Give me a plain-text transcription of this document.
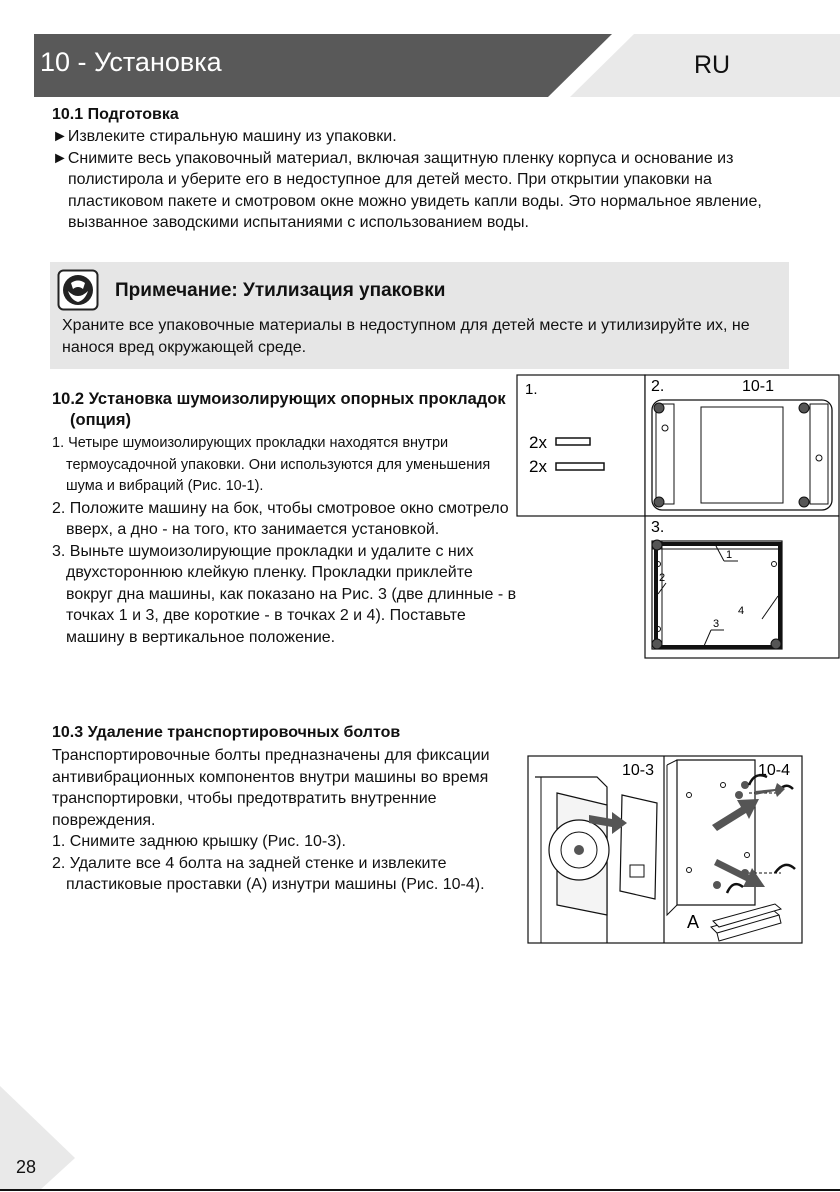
10 - Установка	RU
10.1 Подготовка
►Извлеките стиральную машину из упаковки.
►Снимите весь упаковочный материал, включая защитную пленку корпуса и основание из полистирола и уберите его в недоступное для детей место. При открытии упаковки на пластиковом пакете и смотровом окне можно увидеть капли воды. Это нормальное явление, вызванное заводскими испытаниями с использованием воды.
Примечание: Утилизация упаковки
Храните все упаковочные материалы в недоступном для детей месте и утилизируйте их, не нанося вред окружающей среде.
10.2 Установка шумоизолирующих опорных прокладок (опция)
1. Четыре шумоизолирующих прокладки находятся внутри термоусадочной упаковки. Они используются для уменьшения шума и вибраций (Рис. 10-1).
2. Положите машину на бок, чтобы смотровое окно смотрело вверх, а дно - на того, кто занимается установкой.
3. Выньте шумоизолирующие прокладки и удалите с них двухстороннюю клейкую пленку. Прокладки приклейте вокруг дна машины, как показано на Рис. 3 (две длинные - в точках 1 и 3, две короткие - в точках 2 и 4). Поставьте машину в вертикальное положение.
1.
2x
2x
2.	10-1
3.
1
2
3
4
10.3 Удаление транспортировочных болтов
Транспортировочные болты предназначены для фиксации антивибрационных компонентов внутри машины во время транспортировки, чтобы предотвратить внутренние повреждения.
1. Снимите заднюю крышку (Рис. 10-3).
2. Удалите все 4 болта на задней стенке и извлеките пластиковые проставки (A) изнутри машины (Рис. 10-4).
10-3	10-4
A
28
